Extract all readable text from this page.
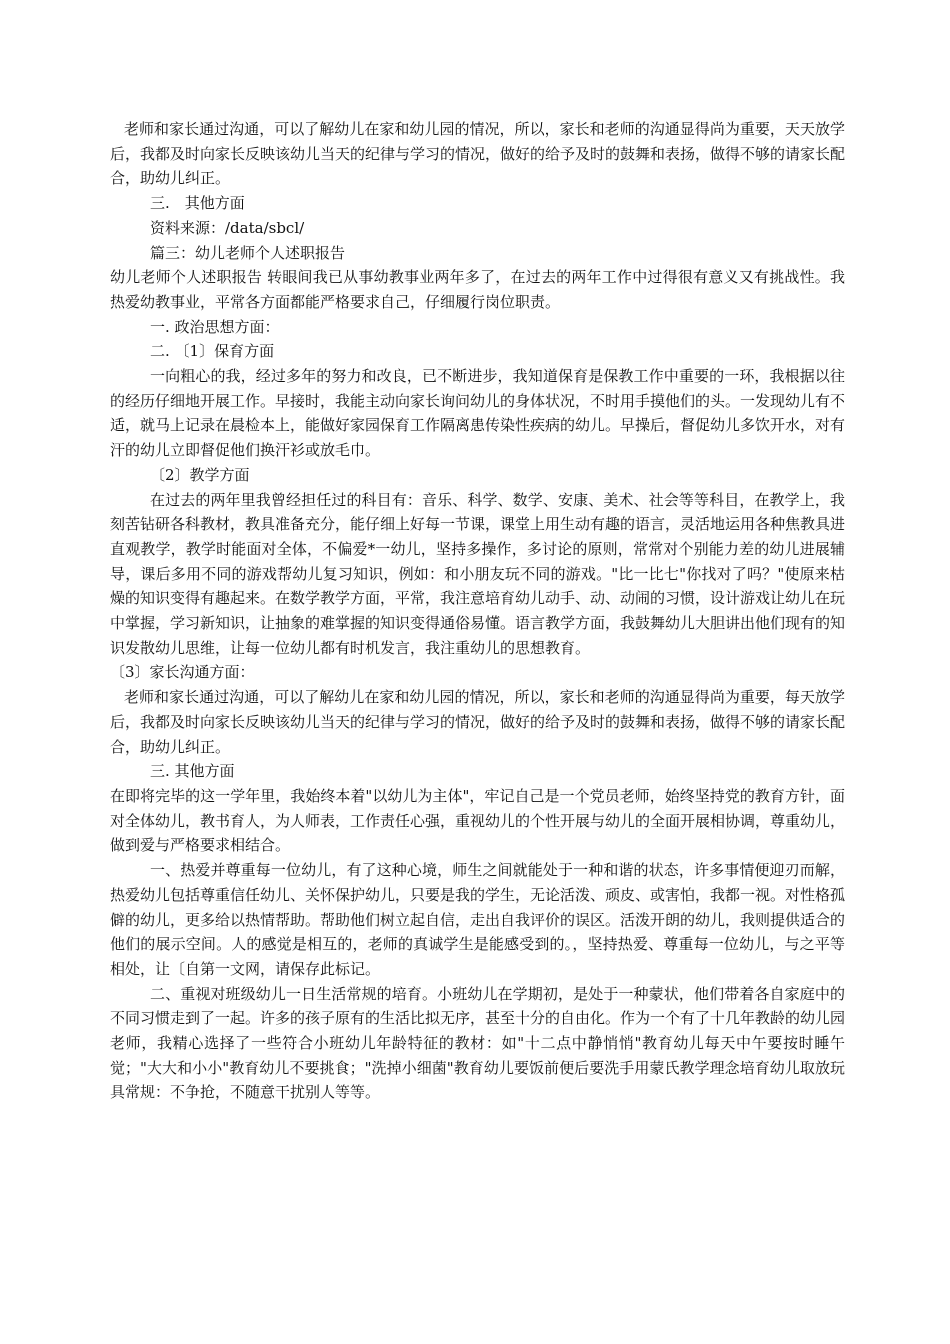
老师和家长通过沟通，可以了解幼儿在家和幼儿园的情况，所以，家长和老师的沟通显得尚为重要，天天放学后，我都及时向家长反映该幼儿当天的纪律与学习的情况，做好的给予及时的鼓舞和表扬，做得不够的请家长配合，助幼儿纠正。

三.　其他方面

资料来源：/data/sbcl/

篇三：幼儿老师个人述职报告

幼儿老师个人述职报告 转眼间我已从事幼教事业两年多了，在过去的两年工作中过得很有意义又有挑战性。我热爱幼教事业，平常各方面都能严格要求自己，仔细履行岗位职责。

一. 政治思想方面：

二. 〔1〕保育方面

一向粗心的我，经过多年的努力和改良，已不断进步，我知道保育是保教工作中重要的一环，我根据以往的经历仔细地开展工作。早接时，我能主动向家长询问幼儿的身体状况，不时用手摸他们的头。一发现幼儿有不适，就马上记录在晨检本上，能做好家园保育工作隔离患传染性疾病的幼儿。早操后，督促幼儿多饮开水，对有汗的幼儿立即督促他们换汗衫或放毛巾。

〔2〕教学方面

在过去的两年里我曾经担任过的科目有：音乐、科学、数学、安康、美术、社会等等科目，在教学上，我刻苦钻研各科教材，教具准备充分，能仔细上好每一节课，课堂上用生动有趣的语言，灵活地运用各种焦教具进直观教学，教学时能面对全体，不偏爱*一幼儿，坚持多操作，多讨论的原则，常常对个别能力差的幼儿进展辅导，课后多用不同的游戏帮幼儿复习知识，例如：和小朋友玩不同的游戏。"比一比七"你找对了吗？"使原来枯燥的知识变得有趣起来。在数学教学方面，平常，我注意培育幼儿动手、动、动闹的习惯，设计游戏让幼儿在玩中掌握，学习新知识，让抽象的难掌握的知识变得通俗易懂。语言教学方面，我鼓舞幼儿大胆讲出他们现有的知识发散幼儿思维，让每一位幼儿都有时机发言，我注重幼儿的思想教育。

〔3〕家长沟通方面：

老师和家长通过沟通，可以了解幼儿在家和幼儿园的情况，所以，家长和老师的沟通显得尚为重要，每天放学后，我都及时向家长反映该幼儿当天的纪律与学习的情况，做好的给予及时的鼓舞和表扬，做得不够的请家长配合，助幼儿纠正。

三. 其他方面

在即将完毕的这一学年里，我始终本着"以幼儿为主体"，牢记自己是一个党员老师，始终坚持党的教育方针，面对全体幼儿，教书育人，为人师表，工作责任心强，重视幼儿的个性开展与幼儿的全面开展相协调，尊重幼儿，做到爱与严格要求相结合。

一、热爱并尊重每一位幼儿，有了这种心境，师生之间就能处于一种和谐的状态，许多事情便迎刃而解，热爱幼儿包括尊重信任幼儿、关怀保护幼儿，只要是我的学生，无论活泼、顽皮、或害怕，我都一视。对性格孤僻的幼儿，更多给以热情帮助。帮助他们树立起自信，走出自我评价的误区。活泼开朗的幼儿，我则提供适合的他们的展示空间。人的感觉是相互的，老师的真诚学生是能感受到的。，坚持热爱、尊重每一位幼儿，与之平等相处，让〔自第一文网，请保存此标记。

二、重视对班级幼儿一日生活常规的培育。小班幼儿在学期初，是处于一种蒙状，他们带着各自家庭中的不同习惯走到了一起。许多的孩子原有的生活比拟无序，甚至十分的自由化。作为一个有了十几年教龄的幼儿园老师，我精心选择了一些符合小班幼儿年龄特征的教材：如"十二点中静悄悄"教育幼儿每天中午要按时睡午觉；"大大和小小"教育幼儿不要挑食；"洗掉小细菌"教育幼儿要饭前便后要洗手用蒙氏教学理念培育幼儿取放玩具常规：不争抢，不随意干扰别人等等。
